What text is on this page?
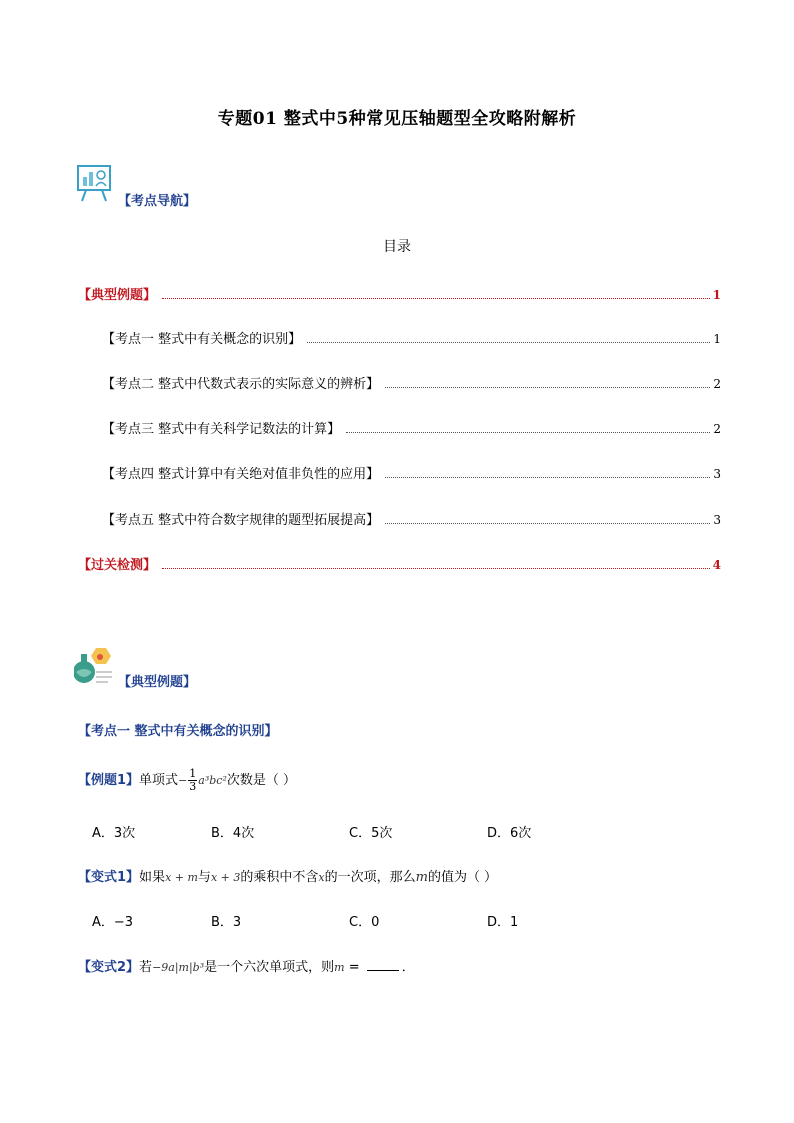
专题01 整式中5种常见压轴题型全攻略附解析
【考点导航】
目录
【典型例题】	1
【考点一 整式中有关概念的识别】	1
【考点二 整式中代数式表示的实际意义的辨析】	2
【考点三 整式中有关科学记数法的计算】	2
【考点四 整式计算中有关绝对值非负性的应用】	3
【考点五 整式中符合数字规律的题型拓展提高】	3
【过关检测】	4
【典型例题】
【考点一 整式中有关概念的识别】
【例题1】单项式− $\frac{1}{3}a^3bc^2$次数是（ ）
A．3次	B．4次	C．5次	D．6次
【变式1】如果x + m与x + 3的乘积中不含x的一次项，那么m的值为（ ）
A．−3	B．3	C．0	D．1
【变式2】若−9a|m|b³是一个六次单项式，则m =	．
